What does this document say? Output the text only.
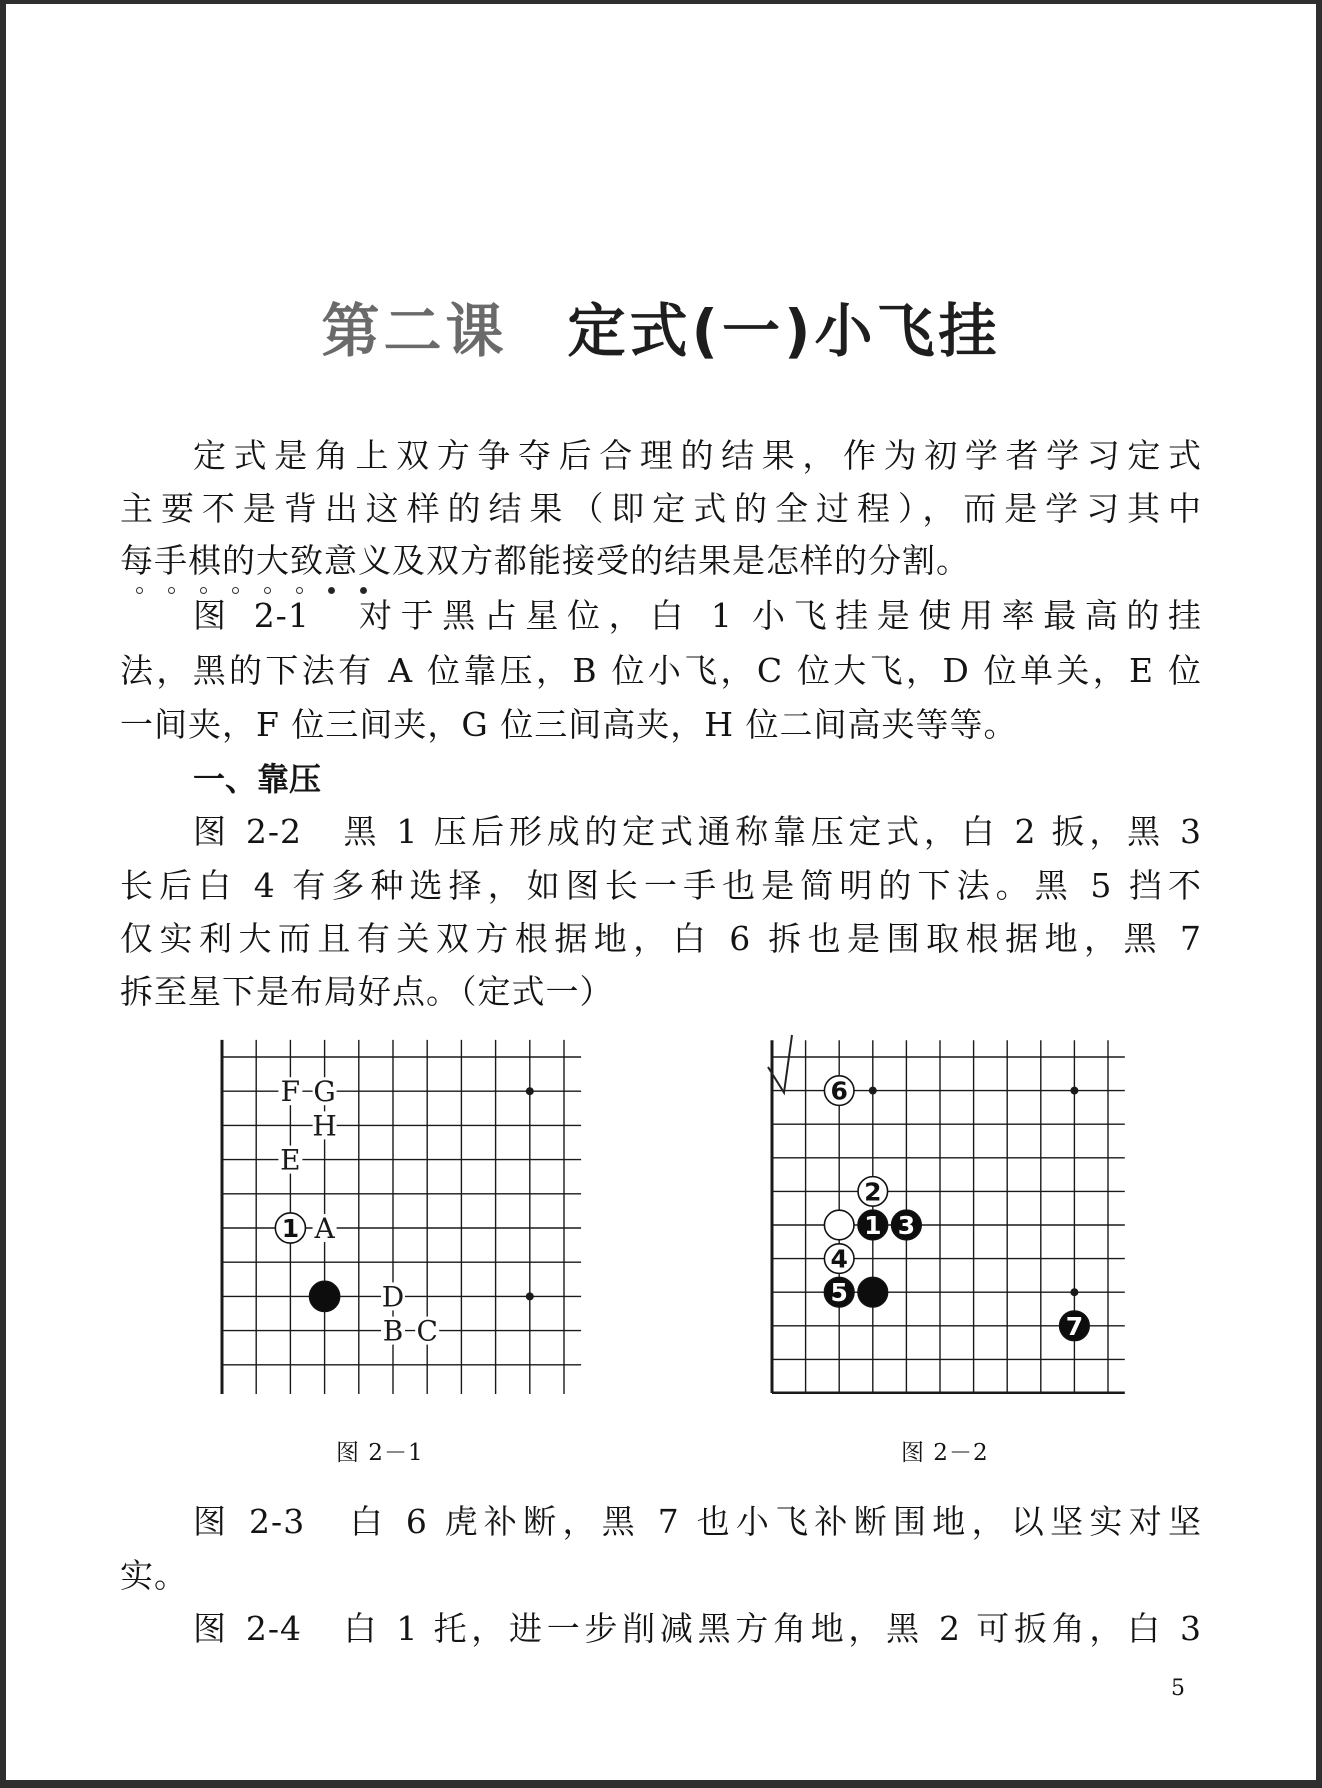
第二课 定式(一)小飞挂
定式是角上双方争夺后合理的结果，作为初学者学习定式
主要不是背出这样的结果（即定式的全过程），而是学习其中
每手棋的大致意义及双方都能接受的结果是怎样的分割。
图 2-1　对于黑占星位，白 1 小飞挂是使用率最高的挂
法，黑的下法有 A 位靠压，B 位小飞，C 位大飞，D 位单关，E 位
一间夹，F 位三间夹，G 位三间高夹，H 位二间高夹等等。
一、靠压
图 2-2　黑 1 压后形成的定式通称靠压定式，白 2 扳，黑 3
长后白 4 有多种选择，如图长一手也是简明的下法。黑 5 挡不
仅实利大而且有关双方根据地，白 6 拆也是围取根据地，黑 7
拆至星下是布局好点。（定式一）
F G
H
E
A
D
B C
1	1
2
3
4
5
6
7
图 2－1	图 2－2
图 2-3　白 6 虎补断，黑 7 也小飞补断围地，以坚实对坚
实。
图 2-4　白 1 托，进一步削减黑方角地，黑 2 可扳角，白 3
5
